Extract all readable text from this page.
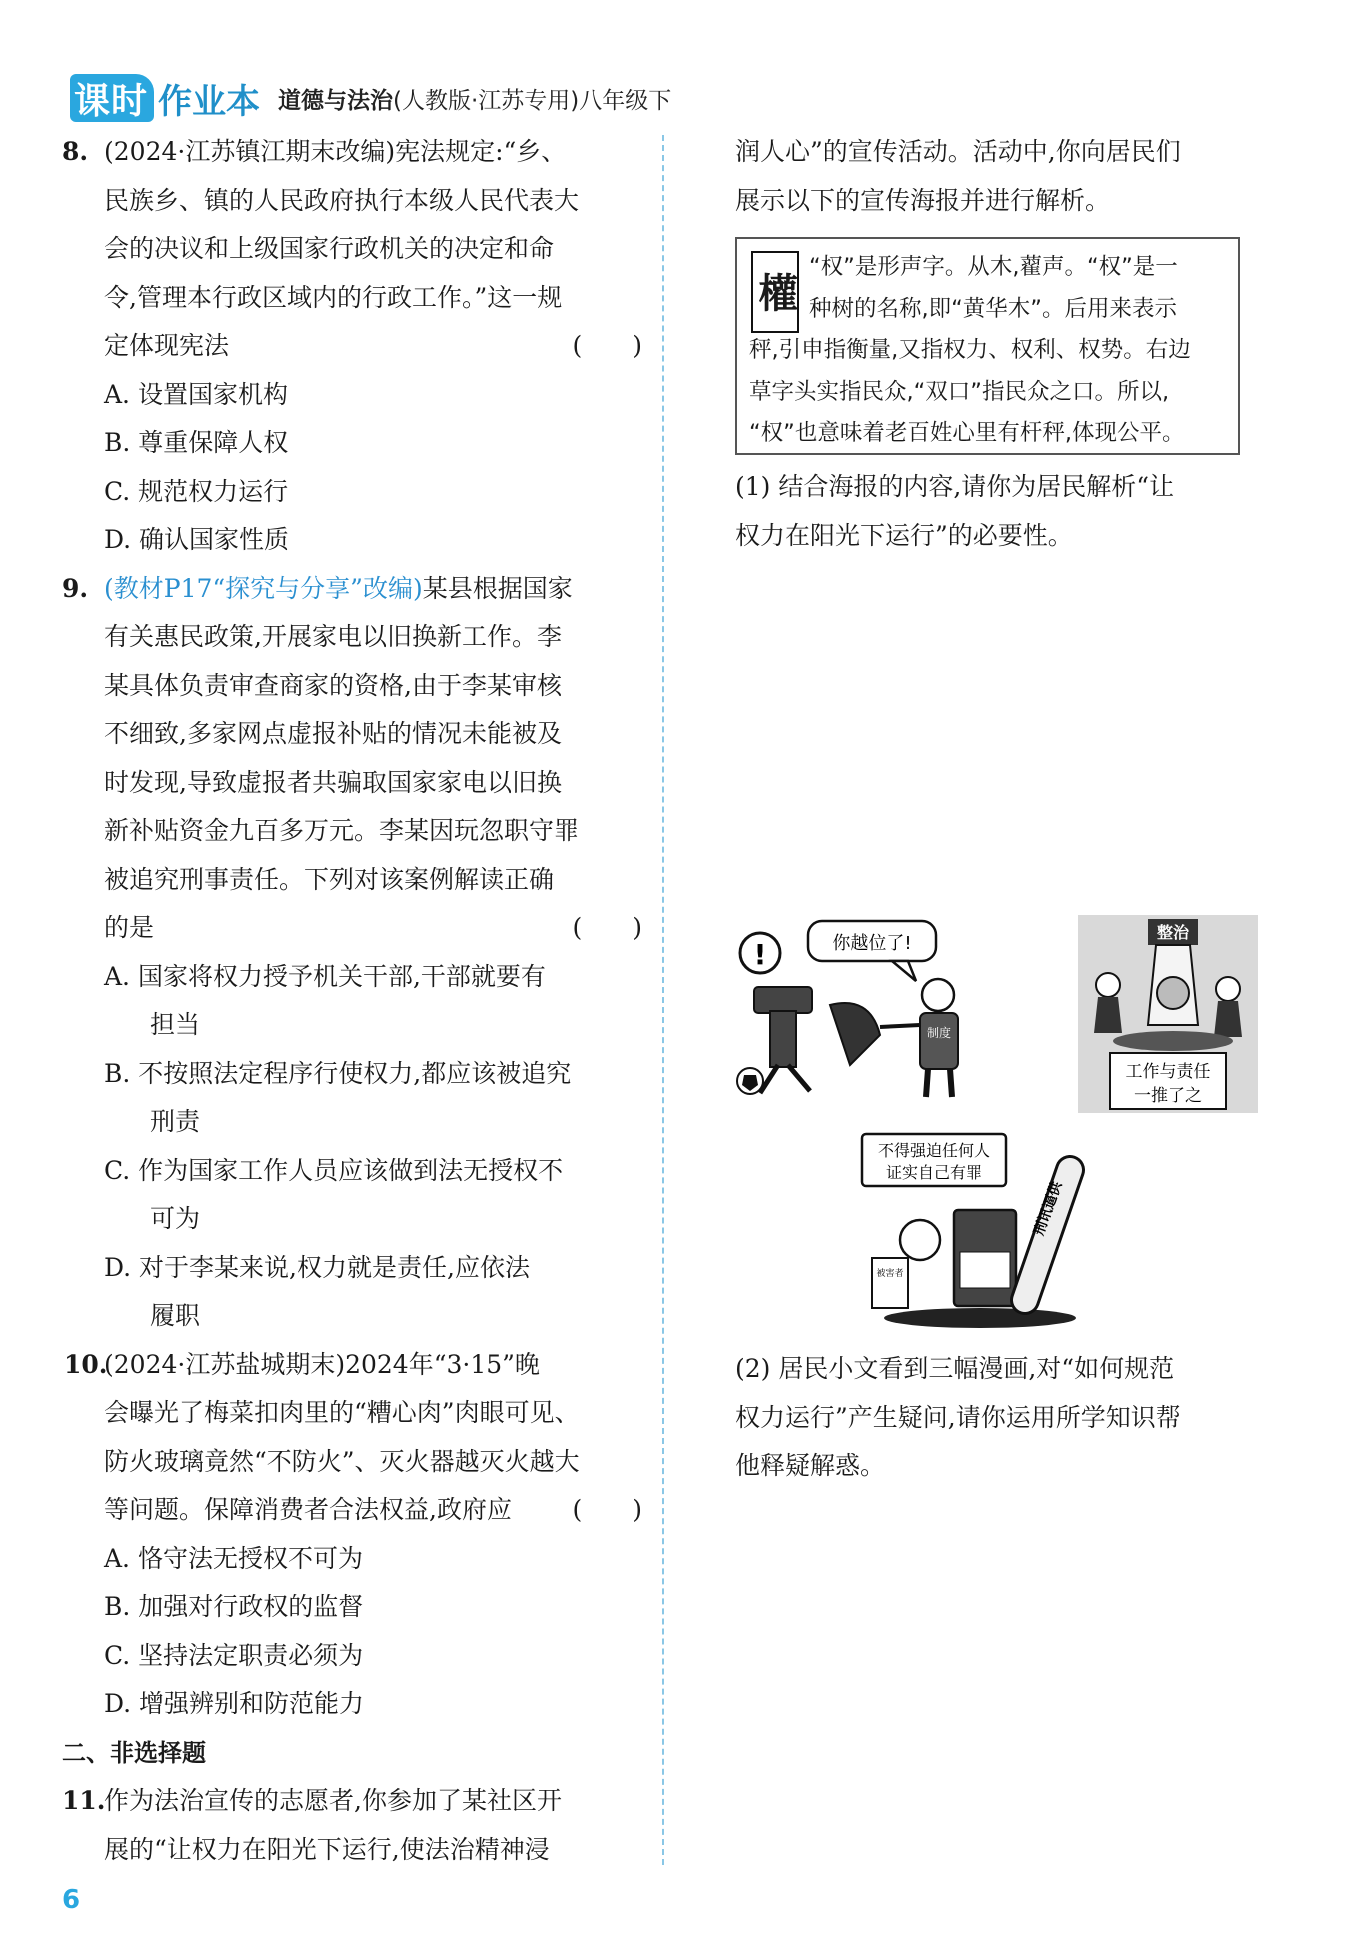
课时 作业本 道德与法治(人教版·江苏专用)八年级下
8. (2024·江苏镇江期末改编)宪法规定:“乡、
民族乡、镇的人民政府执行本级人民代表大
会的决议和上级国家行政机关的决定和命
令,管理本行政区域内的行政工作。”这一规
定体现宪法	(　　)
A. 设置国家机构
B. 尊重保障人权
C. 规范权力运行
D. 确认国家性质
9. (教材P17“探究与分享”改编)某县根据国家
有关惠民政策,开展家电以旧换新工作。李
某具体负责审查商家的资格,由于李某审核
不细致,多家网点虚报补贴的情况未能被及
时发现,导致虚报者共骗取国家家电以旧换
新补贴资金九百多万元。李某因玩忽职守罪
被追究刑事责任。下列对该案例解读正确
的是	(　　)
A. 国家将权力授予机关干部,干部就要有
担当
B. 不按照法定程序行使权力,都应该被追究
刑责
C. 作为国家工作人员应该做到法无授权不
可为
D. 对于李某来说,权力就是责任,应依法
履职
10.
(2024·江苏盐城期末)2024年“3·15”晚
会曝光了梅菜扣肉里的“糟心肉”肉眼可见、
防火玻璃竟然“不防火”、灭火器越灭火越大
等问题。保障消费者合法权益,政府应 (　　)
A. 恪守法无授权不可为
B. 加强对行政权的监督
C. 坚持法定职责必须为
D. 增强辨别和防范能力
二、非选择题
11.
作为法治宣传的志愿者,你参加了某社区开
展的“让权力在阳光下运行,使法治精神浸
润人心”的宣传活动。活动中,你向居民们
展示以下的宣传海报并进行解析。
權
“权”是形声字。从木,藋声。“权”是一
种树的名称,即“黄华木”。后用来表示
秤,引申指衡量,又指权力、权利、权势。右边
草字头实指民众,“双口”指民众之口。所以,
“权”也意味着老百姓心里有杆秤,体现公平。
(1) 结合海报的内容,请你为居民解析“让
权力在阳光下运行”的必要性。
!	你越位了!
制度
整治
工作与责任
一推了之
不得强迫任何人
证实自己有罪
被害者
刑讯逼供
(2) 居民小文看到三幅漫画,对“如何规范
权力运行”产生疑问,请你运用所学知识帮
他释疑解惑。
6
